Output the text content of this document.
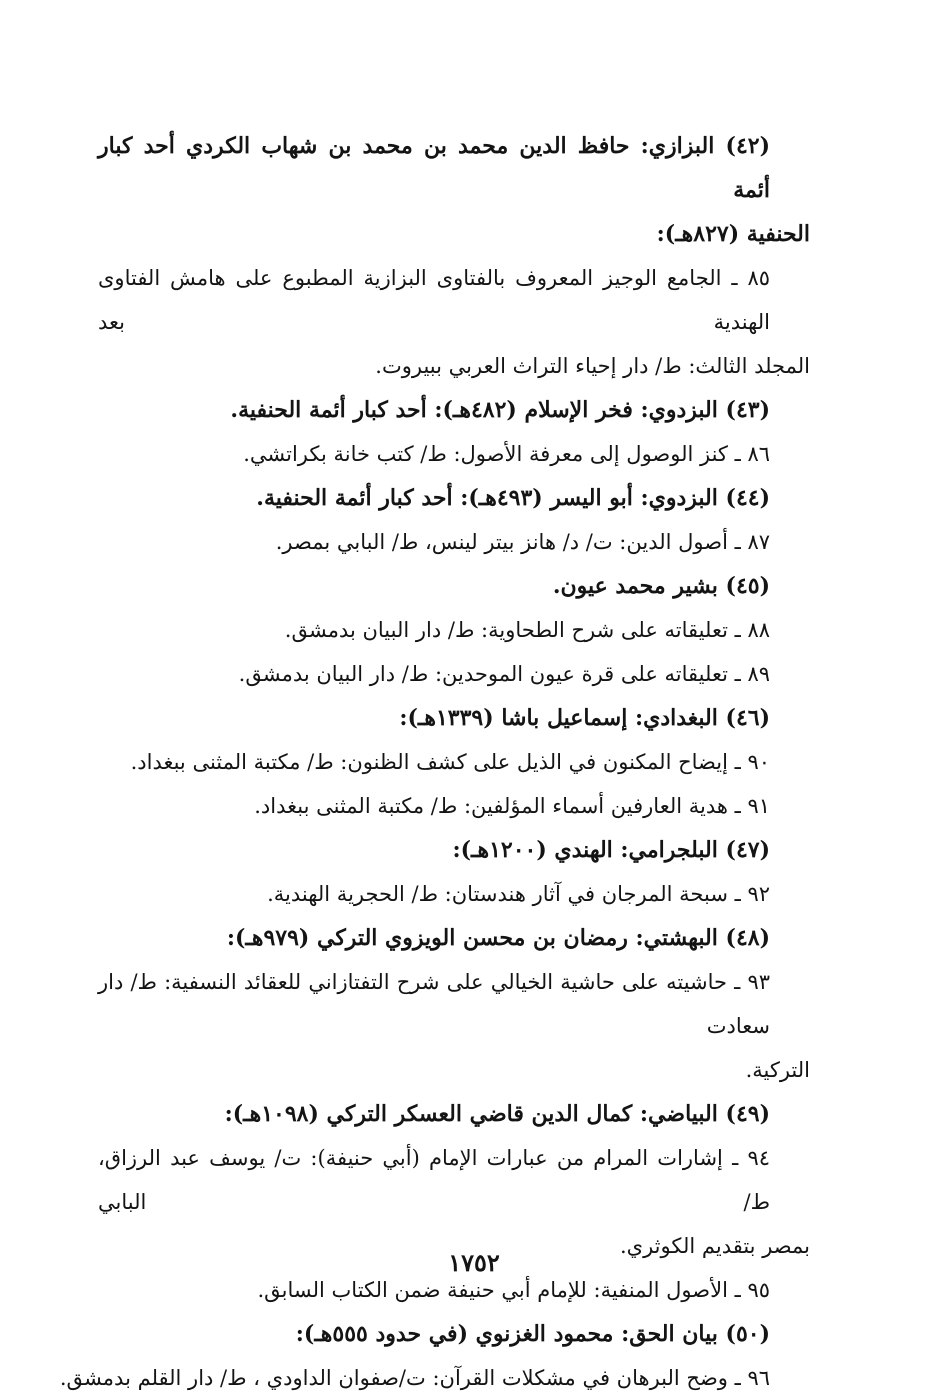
(٤٢) البزازي: حافظ الدين محمد بن محمد بن شهاب الكردي أحد كبار أئمة
الحنفية (٨٢٧هـ):
٨٥ ـ الجامع الوجيز المعروف بالفتاوى البزازية المطبوع على هامش الفتاوى الهندية بعد
المجلد الثالث: ط/ دار إحياء التراث العربي ببيروت.
(٤٣) البزدوي: فخر الإسلام (٤٨٢هـ): أحد كبار أئمة الحنفية.
٨٦ ـ كنز الوصول إلى معرفة الأصول: ط/ كتب خانة بكراتشي.
(٤٤) البزدوي: أبو اليسر (٤٩٣هـ): أحد كبار أئمة الحنفية.
٨٧ ـ أصول الدين: ت/ د/ هانز بيتر لينس، ط/ البابي بمصر.
(٤٥) بشير محمد عيون.
٨٨ ـ تعليقاته على شرح الطحاوية: ط/ دار البيان بدمشق.
٨٩ ـ تعليقاته على قرة عيون الموحدين: ط/ دار البيان بدمشق.
(٤٦) البغدادي: إسماعيل باشا (١٣٣٩هـ):
٩٠ ـ إيضاح المكنون في الذيل على كشف الظنون: ط/ مكتبة المثنى ببغداد.
٩١ ـ هدية العارفين أسماء المؤلفين: ط/ مكتبة المثنى ببغداد.
(٤٧) البلجرامي: الهندي (١٢٠٠هـ):
٩٢ ـ سبحة المرجان في آثار هندستان: ط/ الحجرية الهندية.
(٤٨) البهشتي: رمضان بن محسن الويزوي التركي (٩٧٩هـ):
٩٣ ـ حاشيته على حاشية الخيالي على شرح التفتازاني للعقائد النسفية: ط/ دار سعادت
التركية.
(٤٩) البياضي: كمال الدين قاضي العسكر التركي (١٠٩٨هـ):
٩٤ ـ إشارات المرام من عبارات الإمام (أبي حنيفة): ت/ يوسف عبد الرزاق، ط/ البابي
بمصر بتقديم الكوثري.
٩٥ ـ الأصول المنفية: للإمام أبي حنيفة ضمن الكتاب السابق.
(٥٠) بيان الحق: محمود الغزنوي (في حدود ٥٥٥هـ):
٩٦ ـ وضح البرهان في مشكلات القرآن: ت/صفوان الداودي ، ط/ دار القلم بدمشق.
١٧٥٢
